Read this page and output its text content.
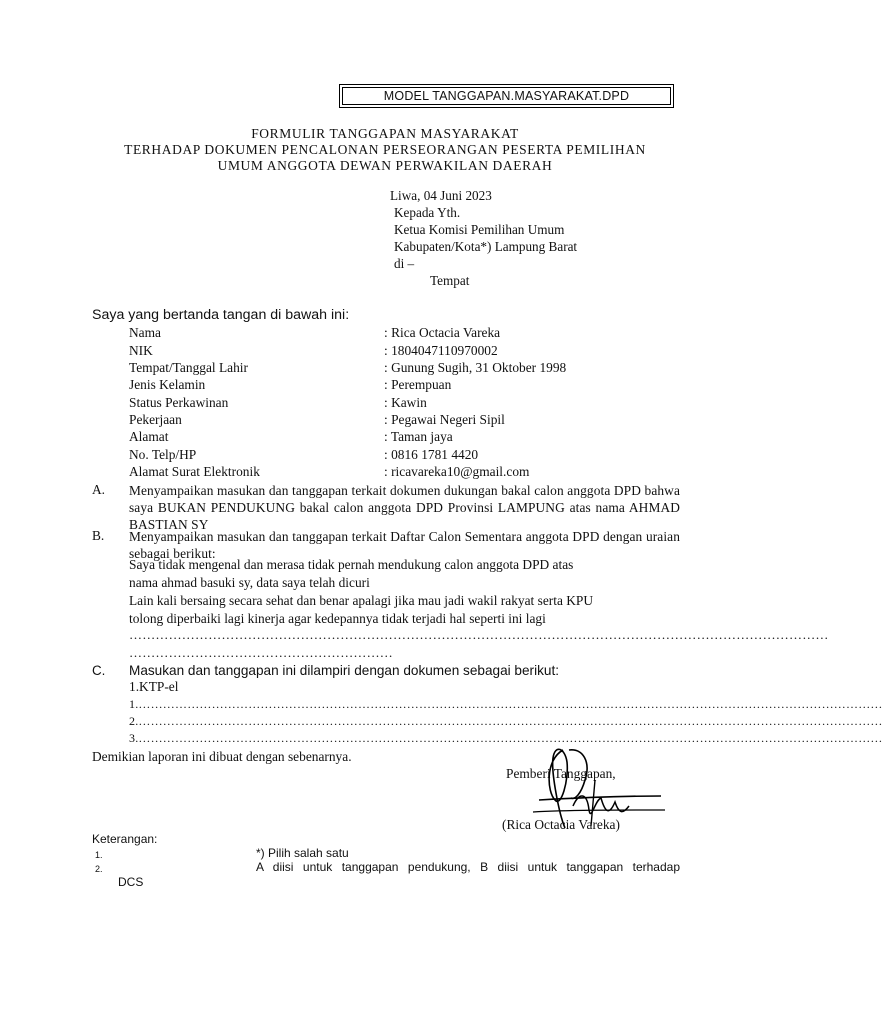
MODEL TANGGAPAN.MASYARAKAT.DPD
FORMULIR TANGGAPAN MASYARAKAT
TERHADAP DOKUMEN PENCALONAN PERSEORANGAN PESERTA PEMILIHAN
UMUM ANGGOTA DEWAN PERWAKILAN DAERAH
Liwa, 04 Juni 2023
Kepada Yth.
Ketua Komisi Pemilihan Umum
Kabupaten/Kota*) Lampung Barat
di –
Tempat
Saya yang bertanda tangan di bawah ini:
Nama	: Rica Octacia Vareka
NIK	: 1804047110970002
Tempat/Tanggal Lahir	: Gunung Sugih, 31 Oktober 1998
Jenis Kelamin	: Perempuan
Status Perkawinan	: Kawin
Pekerjaan	: Pegawai Negeri Sipil
Alamat	: Taman jaya
No. Telp/HP	: 0816 1781 4420
Alamat Surat Elektronik	: ricavareka10@gmail.com
A. Menyampaikan masukan dan tanggapan terkait dokumen dukungan bakal calon anggota DPD bahwa saya BUKAN PENDUKUNG bakal calon anggota DPD Provinsi LAMPUNG atas nama AHMAD BASTIAN SY
B. Menyampaikan masukan dan tanggapan terkait Daftar Calon Sementara anggota DPD dengan uraian sebagai berikut:
Saya tidak mengenal dan merasa tidak pernah mendukung calon anggota DPD atas
nama ahmad basuki sy, data saya telah dicuri
Lain kali bersaing secara sehat dan benar apalagi jika mau jadi wakil rakyat serta KPU
tolong diperbaiki lagi kinerja agar kedepannya tidak terjadi hal seperti ini lagi
……………………………………………………………………………………………………………………………………………
……………………………………………………
C. Masukan dan tanggapan ini dilampiri dengan dokumen sebagai berikut:
1.KTP-el
1.…………………………………………………………………………………………………………………………………………………………………
2.…………………………………………………………………………………………………………………………………………………………………
3.…………………………………………………………………………………………………………………………………………………………………
Demikian laporan ini dibuat dengan sebenarnya.
Pemberi Tanggapan,
(Rica Octacia Vareka)
Keterangan:
1.	*) Pilih salah satu
2.	A diisi untuk tanggapan pendukung, B diisi untuk tanggapan terhadap
DCS
